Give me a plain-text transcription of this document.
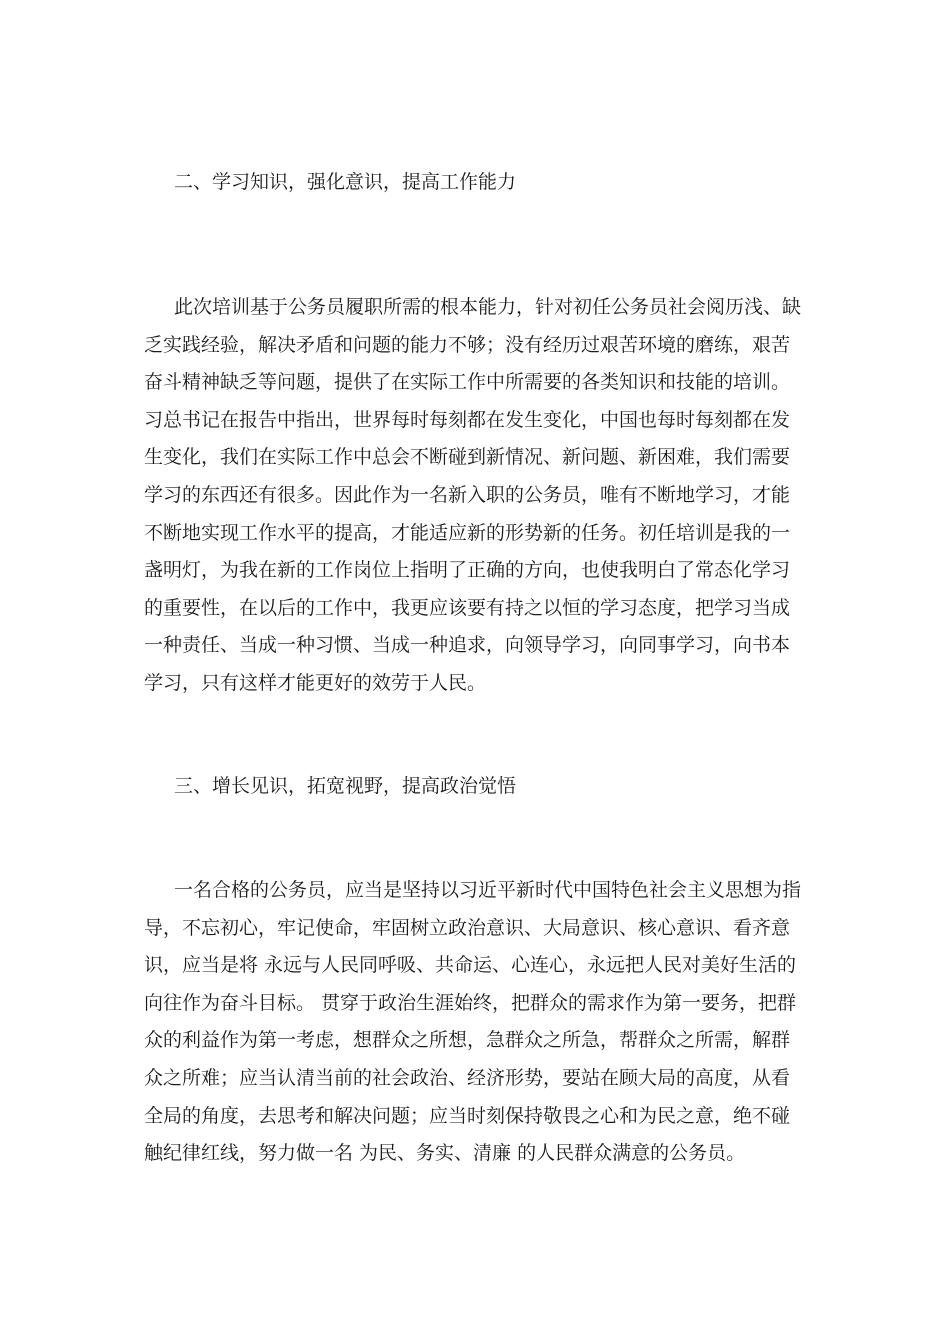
二、学习知识，强化意识，提高工作能力
此次培训基于公务员履职所需的根本能力，针对初任公务员社会阅历浅、缺
乏实践经验，解决矛盾和问题的能力不够；没有经历过艰苦环境的磨练，艰苦
奋斗精神缺乏等问题，提供了在实际工作中所需要的各类知识和技能的培训。
习总书记在报告中指出，世界每时每刻都在发生变化，中国也每时每刻都在发
生变化，我们在实际工作中总会不断碰到新情况、新问题、新困难，我们需要
学习的东西还有很多。因此作为一名新入职的公务员，唯有不断地学习，才能
不断地实现工作水平的提高，才能适应新的形势新的任务。初任培训是我的一
盏明灯，为我在新的工作岗位上指明了正确的方向，也使我明白了常态化学习
的重要性，在以后的工作中，我更应该要有持之以恒的学习态度，把学习当成
一种责任、当成一种习惯、当成一种追求，向领导学习，向同事学习，向书本
学习，只有这样才能更好的效劳于人民。
三、增长见识，拓宽视野，提高政治觉悟
一名合格的公务员，应当是坚持以习近平新时代中国特色社会主义思想为指
导，不忘初心，牢记使命，牢固树立政治意识、大局意识、核心意识、看齐意
识，应当是将 永远与人民同呼吸、共命运、心连心，永远把人民对美好生活的
向往作为奋斗目标。 贯穿于政治生涯始终，把群众的需求作为第一要务，把群
众的利益作为第一考虑，想群众之所想，急群众之所急，帮群众之所需，解群
众之所难；应当认清当前的社会政治、经济形势，要站在顾大局的高度，从看
全局的角度，去思考和解决问题；应当时刻保持敬畏之心和为民之意，绝不碰
触纪律红线，努力做一名 为民、务实、清廉 的人民群众满意的公务员。
